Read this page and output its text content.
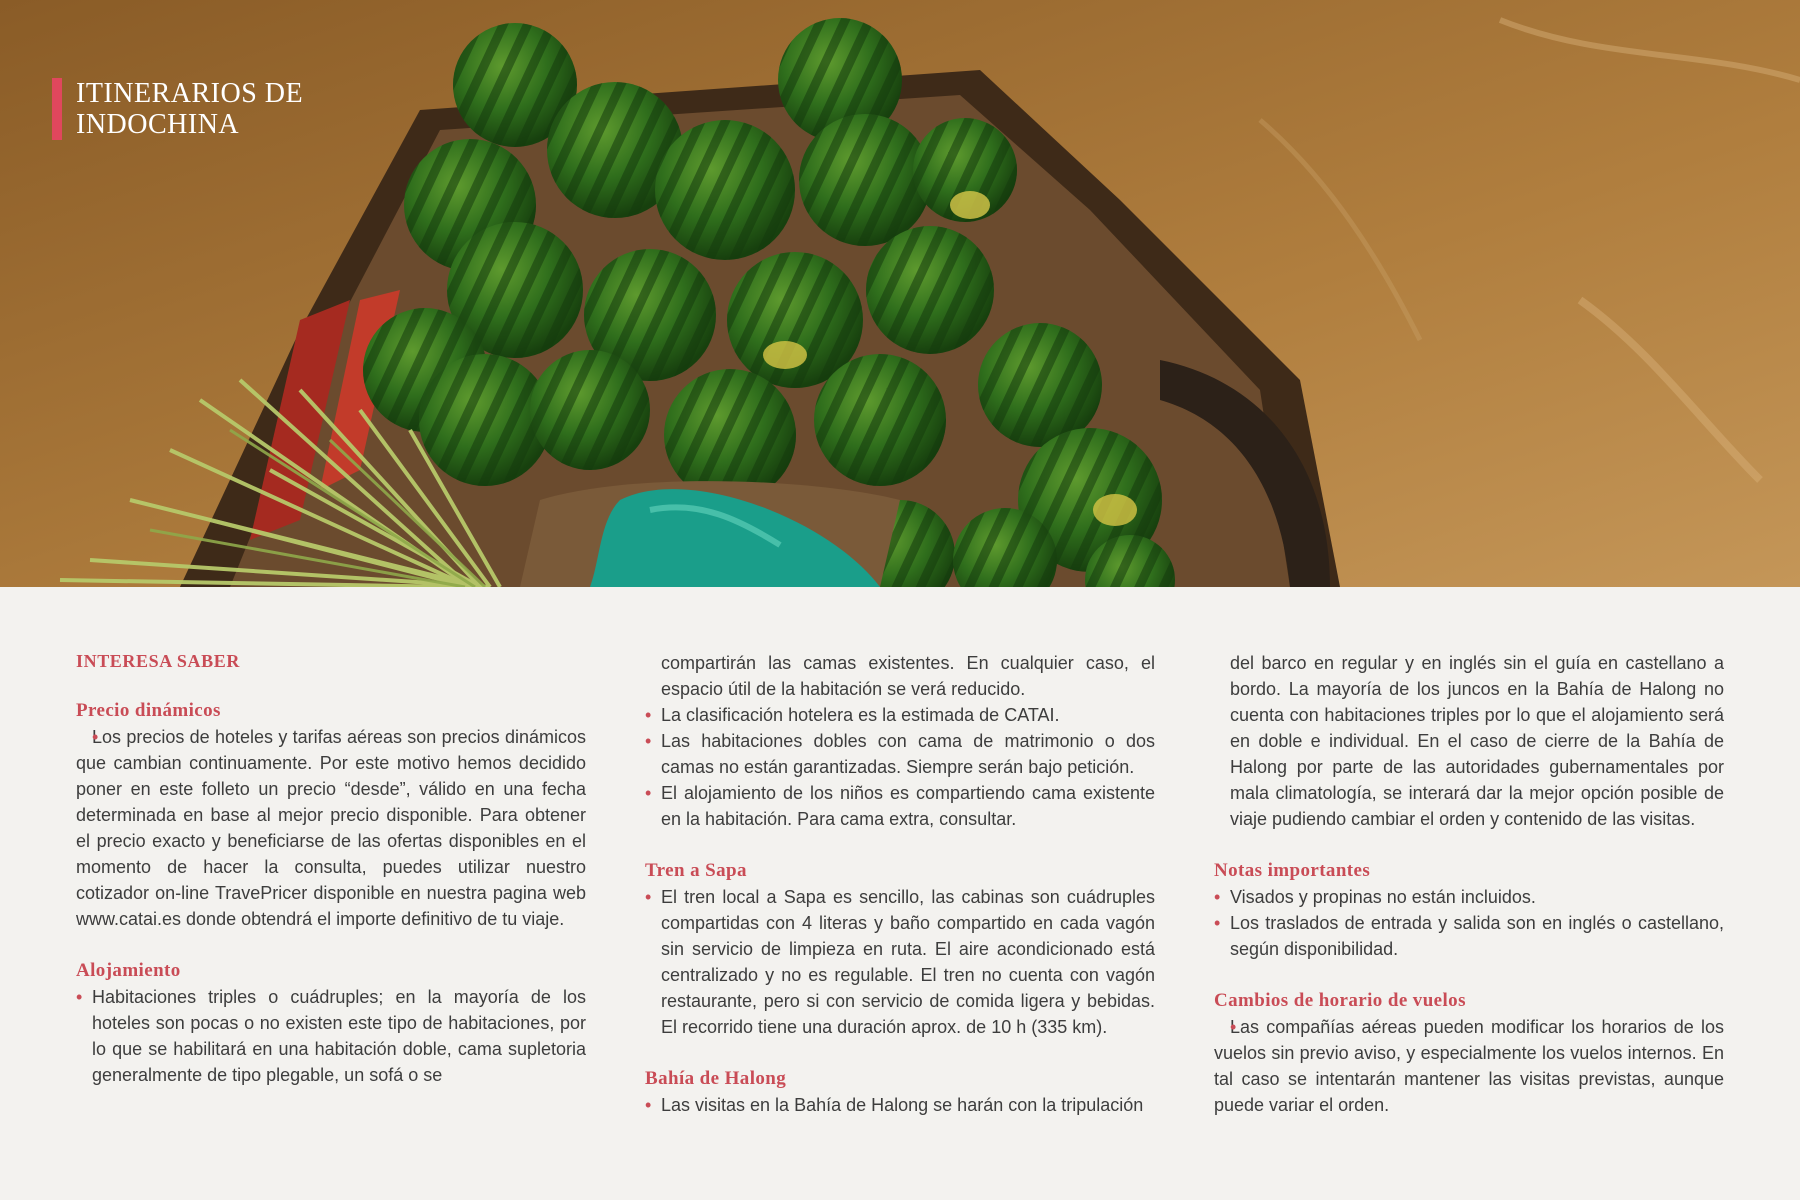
ITINERARIOS DE
INDOCHINA
INTERESA SABER
Precio dinámicos

• Los precios de hoteles y tarifas aéreas son precios dinámicos que cambian continuamente. Por este motivo hemos decidido poner en este folleto un precio “desde”, válido en una fecha determinada en base al mejor precio disponible. Para obtener el precio exacto y beneficiarse de las ofertas disponibles en el momento de hacer la consulta, puedes utilizar nuestro cotizador on-line TravePricer disponible en nuestra pagina web www.catai.es donde obtendrá el importe definitivo de tu viaje.

Alojamiento

• Habitaciones triples o cuádruples; en la mayoría de los hoteles son pocas o no existen este tipo de habitaciones, por lo que se habilitará en una habitación doble, cama supletoria generalmente de tipo plegable, un sofá o se

compartirán las camas existentes. En cualquier caso, el espacio útil de la habitación se verá reducido.

• La clasificación hotelera es la estimada de CATAI.

• Las habitaciones dobles con cama de matrimonio o dos camas no están garantizadas. Siempre serán bajo petición.

• El alojamiento de los niños es compartiendo cama existente en la habitación. Para cama extra, consultar.

Tren a Sapa

• El tren local a Sapa es sencillo, las cabinas son cuádruples compartidas con 4 literas y baño compartido en cada vagón sin servicio de limpieza en ruta. El aire acondicionado está centralizado y no es regulable. El tren no cuenta con vagón restaurante, pero si con servicio de comida ligera y bebidas. El recorrido tiene una duración aprox. de 10 h (335 km).

Bahía de Halong

• Las visitas en la Bahía de Halong se harán con la tripulación

del barco en regular y en inglés sin el guía en castellano a bordo. La mayoría de los juncos en la Bahía de Halong no cuenta con habitaciones triples por lo que el alojamiento será en doble e individual. En el caso de cierre de la Bahía de Halong por parte de las autoridades gubernamentales por mala climatología, se interará dar la mejor opción posible de viaje pudiendo cambiar el orden y contenido de las visitas.

Notas importantes

• Visados y propinas no están incluidos.

• Los traslados de entrada y salida son en inglés o castellano, según disponibilidad.

Cambios de horario de vuelos

• Las compañías aéreas pueden modificar los horarios de los vuelos sin previo aviso, y especialmente los vuelos internos. En tal caso se intentarán mantener las visitas previstas, aunque puede variar el orden.
